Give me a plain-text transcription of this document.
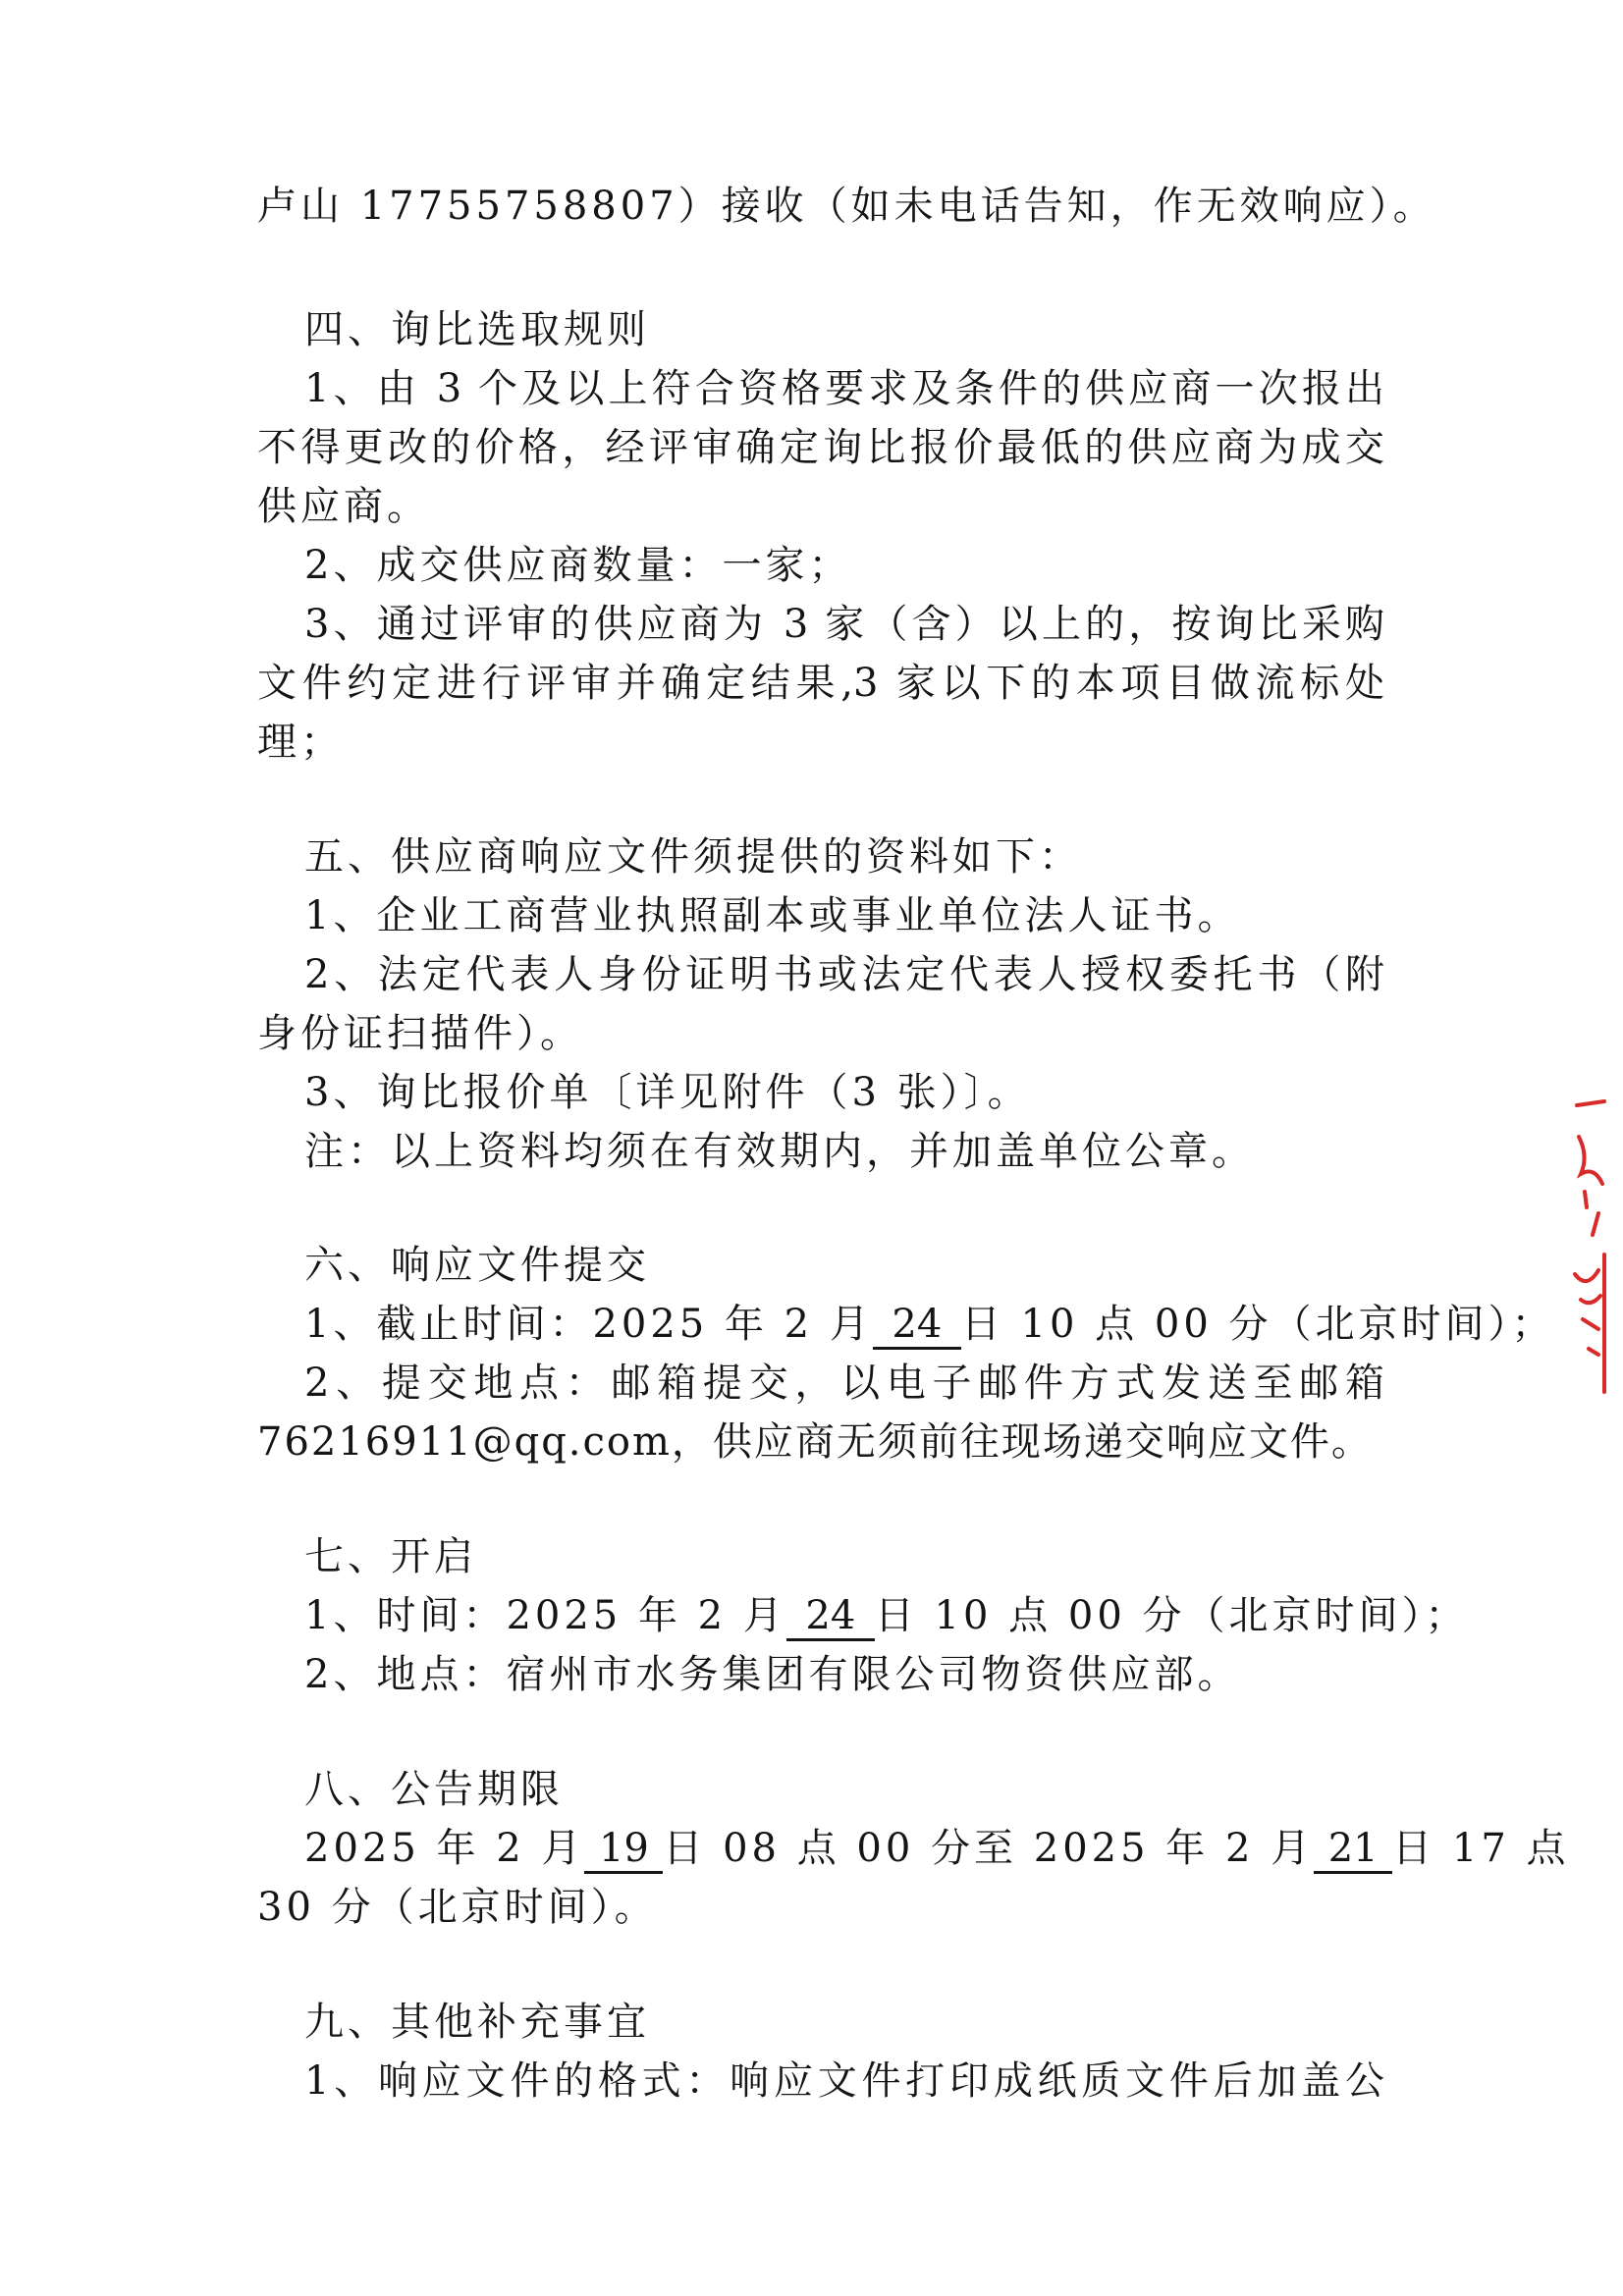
卢山 17755758807）接收（如未电话告知，作无效响应）。
四、询比选取规则
1、由 3 个及以上符合资格要求及条件的供应商一次报出
不得更改的价格，经评审确定询比报价最低的供应商为成交
供应商。
2、成交供应商数量：一家；
3、通过评审的供应商为 3 家（含）以上的，按询比采购
文件约定进行评审并确定结果,3 家以下的本项目做流标处
理；
五、供应商响应文件须提供的资料如下：
1、企业工商营业执照副本或事业单位法人证书。
2、法定代表人身份证明书或法定代表人授权委托书（附
身份证扫描件）。
3、询比报价单〔详见附件（3 张）〕。
注：以上资料均须在有效期内，并加盖单位公章。
六、响应文件提交
1、截止时间：2025 年 2 月 24 日 10 点 00 分（北京时间）；
2、提交地点：邮箱提交，以电子邮件方式发送至邮箱
76216911@qq.com，供应商无须前往现场递交响应文件。
七、开启
1、时间：2025 年 2 月 24 日 10 点 00 分（北京时间）；
2、地点：宿州市水务集团有限公司物资供应部。
八、公告期限
2025 年 2 月 19 日 08 点 00 分至 2025 年 2 月 21 日 17 点
30 分（北京时间）。
九、其他补充事宜
1、响应文件的格式：响应文件打印成纸质文件后加盖公
